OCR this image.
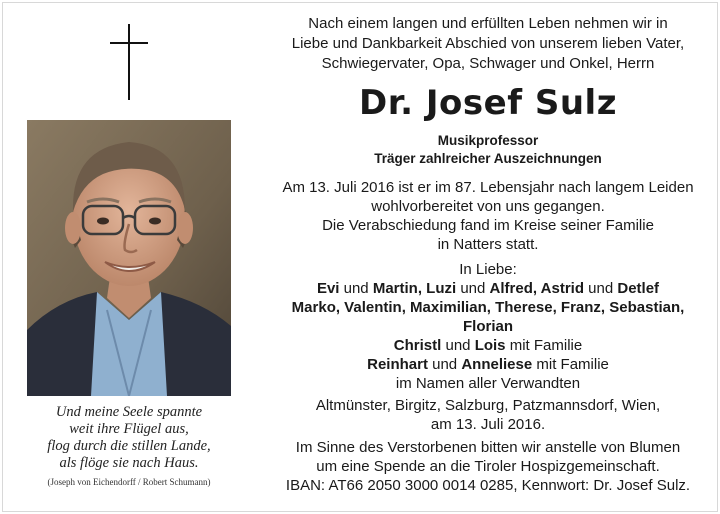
Und meine Seele spannte
weit ihre Flügel aus,
flog durch die stillen Lande,
als flöge sie nach Haus.
(Joseph von Eichendorff / Robert Schumann)
Nach einem langen und erfüllten Leben nehmen wir in
Liebe und Dankbarkeit Abschied von unserem lieben Vater,
Schwiegervater, Opa, Schwager und Onkel, Herrn
Dr. Josef Sulz
Musikprofessor
Träger zahlreicher Auszeichnungen
Am 13. Juli 2016 ist er im 87. Lebensjahr nach langem Leiden
wohlvorbereitet von uns gegangen.
Die Verabschiedung fand im Kreise seiner Familie
in Natters statt.
In Liebe:
Evi und Martin, Luzi und Alfred, Astrid und Detlef
Marko, Valentin, Maximilian, Therese, Franz, Sebastian,
Florian
Christl und Lois mit Familie
Reinhart und Anneliese mit Familie
im Namen aller Verwandten
Altmünster, Birgitz, Salzburg, Patzmannsdorf, Wien,
am 13. Juli 2016.
Im Sinne des Verstorbenen bitten wir anstelle von Blumen
um eine Spende an die Tiroler Hospizgemeinschaft.
IBAN: AT66 2050 3000 0014 0285, Kennwort: Dr. Josef Sulz.
